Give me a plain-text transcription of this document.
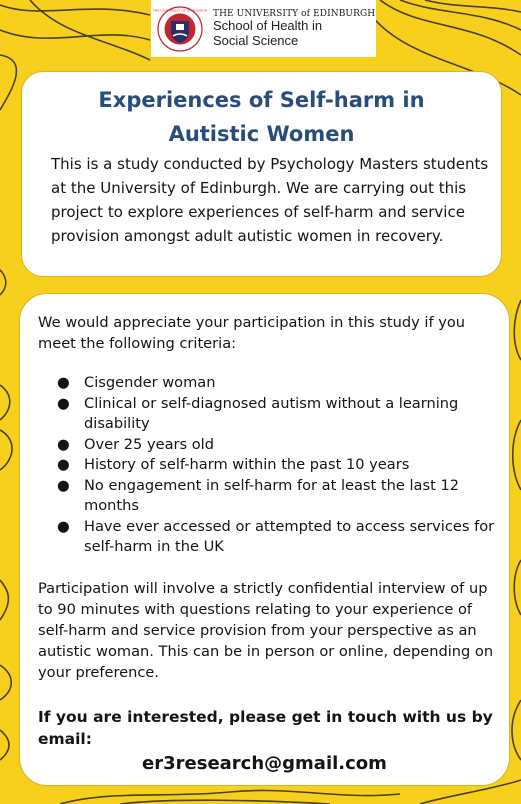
THE UNIVERSITY OF EDINBURGH THE UNIVERSITY of EDINBURGH
School of Health in
Social Science
Experiences of Self-harm in
Autistic Women
This is a study conducted by Psychology Masters students at the University of Edinburgh. We are carrying out this project to explore experiences of self-harm and service provision amongst adult autistic women in recovery.
We would appreciate your participation in this study if you meet the following criteria:
● Cisgender woman
● Clinical or self-diagnosed autism without a learning disability
● Over 25 years old
● History of self-harm within the past 10 years
● No engagement in self-harm for at least the last 12 months
● Have ever accessed or attempted to access services for self-harm in the UK
Participation will involve a strictly confidential interview of up to 90 minutes with questions relating to your experience of self-harm and service provision from your perspective as an autistic woman. This can be in person or online, depending on your preference.
If you are interested, please get in touch with us by email:
er3research@gmail.com
